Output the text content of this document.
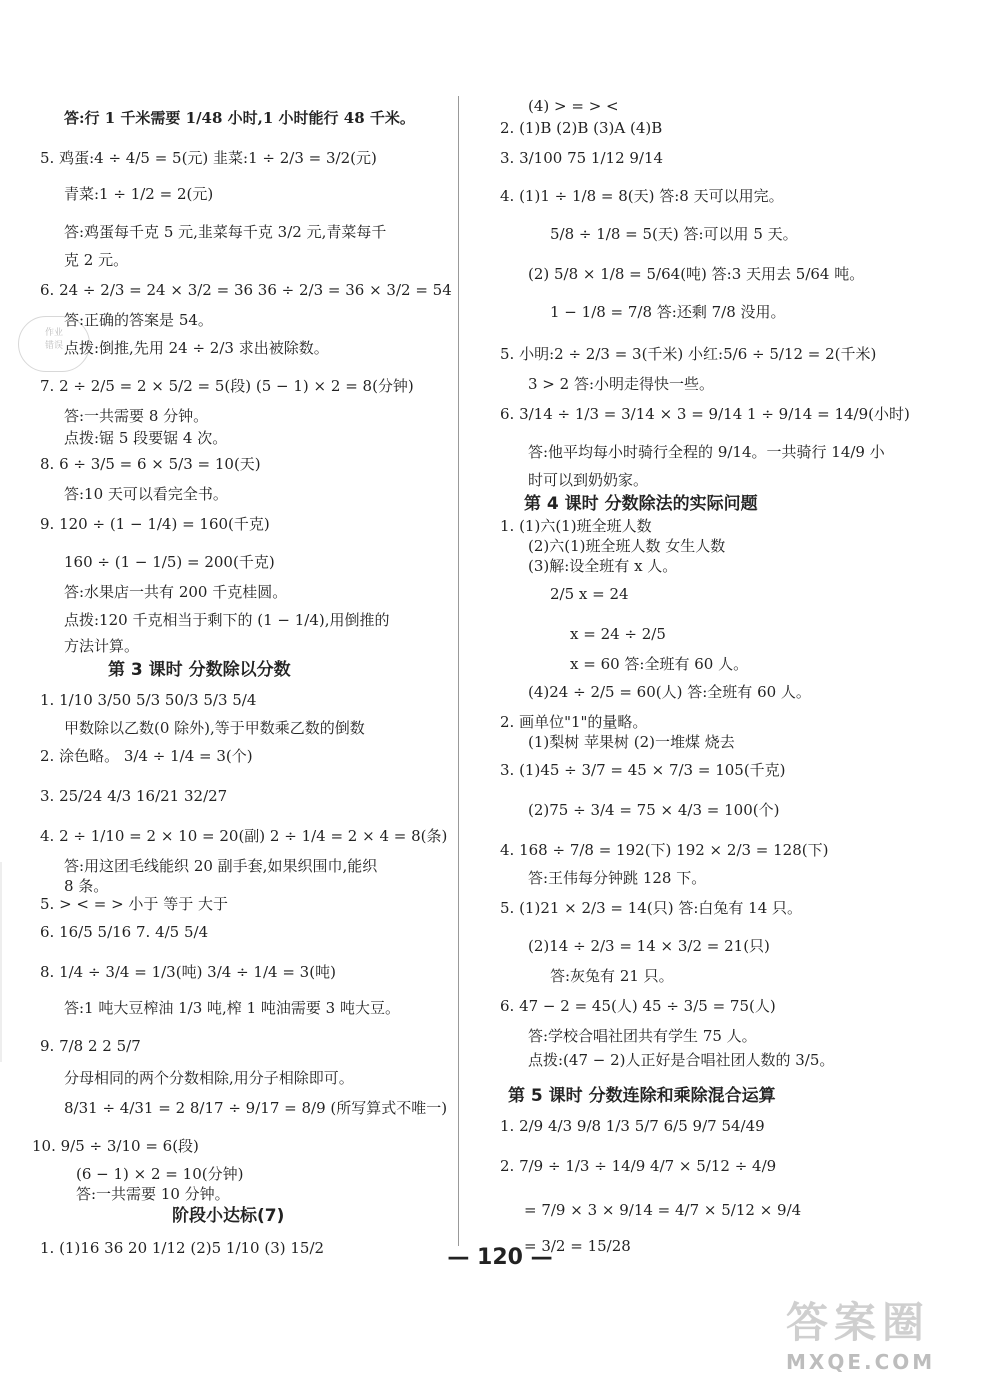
作业
错误
答:行 1 千米需要 1/48 小时,1 小时能行 48 千米。
5. 鸡蛋:4 ÷ 4/5 = 5(元) 韭菜:1 ÷ 2/3 = 3/2(元)
青菜:1 ÷ 1/2 = 2(元)
答:鸡蛋每千克 5 元,韭菜每千克 3/2 元,青菜每千
克 2 元。
6. 24 ÷ 2/3 = 24 × 3/2 = 36 36 ÷ 2/3 = 36 × 3/2 = 54
答:正确的答案是 54。
点拨:倒推,先用 24 ÷ 2/3 求出被除数。
7. 2 ÷ 2/5 = 2 × 5/2 = 5(段) (5 − 1) × 2 = 8(分钟)
答:一共需要 8 分钟。
点拨:锯 5 段要锯 4 次。
8. 6 ÷ 3/5 = 6 × 5/3 = 10(天)
答:10 天可以看完全书。
9. 120 ÷ (1 − 1/4) = 160(千克)
160 ÷ (1 − 1/5) = 200(千克)
答:水果店一共有 200 千克桂圆。
点拨:120 千克相当于剩下的 (1 − 1/4),用倒推的
方法计算。
第 3 课时 分数除以分数
1. 1/10 3/50 5/3 50/3 5/3 5/4
甲数除以乙数(0 除外),等于甲数乘乙数的倒数
2. 涂色略。 3/4 ÷ 1/4 = 3(个)
3. 25/24 4/3 16/21 32/27
4. 2 ÷ 1/10 = 2 × 10 = 20(副) 2 ÷ 1/4 = 2 × 4 = 8(条)
答:用这团毛线能织 20 副手套,如果织围巾,能织
8 条。
5. > < = > 小于 等于 大于
6. 16/5 5/16 7. 4/5 5/4
8. 1/4 ÷ 3/4 = 1/3(吨) 3/4 ÷ 1/4 = 3(吨)
答:1 吨大豆榨油 1/3 吨,榨 1 吨油需要 3 吨大豆。
9. 7/8 2 2 5/7
分母相同的两个分数相除,用分子相除即可。
8/31 ÷ 4/31 = 2 8/17 ÷ 9/17 = 8/9 (所写算式不唯一)
10. 9/5 ÷ 3/10 = 6(段)
(6 − 1) × 2 = 10(分钟)
答:一共需要 10 分钟。
阶段小达标(7)
1. (1)16 36 20 1/12 (2)5 1/10 (3) 15/2
(4) > = > <
2. (1)B (2)B (3)A (4)B
3. 3/100 75 1/12 9/14
4. (1)1 ÷ 1/8 = 8(天) 答:8 天可以用完。
5/8 ÷ 1/8 = 5(天) 答:可以用 5 天。
(2) 5/8 × 1/8 = 5/64(吨) 答:3 天用去 5/64 吨。
1 − 1/8 = 7/8 答:还剩 7/8 没用。
5. 小明:2 ÷ 2/3 = 3(千米) 小红:5/6 ÷ 5/12 = 2(千米)
3 > 2 答:小明走得快一些。
6. 3/14 ÷ 1/3 = 3/14 × 3 = 9/14 1 ÷ 9/14 = 14/9(小时)
答:他平均每小时骑行全程的 9/14。一共骑行 14/9 小
时可以到奶奶家。
第 4 课时 分数除法的实际问题
1. (1)六(1)班全班人数
(2)六(1)班全班人数 女生人数
(3)解:设全班有 x 人。
2/5 x = 24
x = 24 ÷ 2/5
x = 60 答:全班有 60 人。
(4)24 ÷ 2/5 = 60(人) 答:全班有 60 人。
2. 画单位"1"的量略。
(1)梨树 苹果树 (2)一堆煤 烧去
3. (1)45 ÷ 3/7 = 45 × 7/3 = 105(千克)
(2)75 ÷ 3/4 = 75 × 4/3 = 100(个)
4. 168 ÷ 7/8 = 192(下) 192 × 2/3 = 128(下)
答:王伟每分钟跳 128 下。
5. (1)21 × 2/3 = 14(只) 答:白兔有 14 只。
(2)14 ÷ 2/3 = 14 × 3/2 = 21(只)
答:灰兔有 21 只。
6. 47 − 2 = 45(人) 45 ÷ 3/5 = 75(人)
答:学校合唱社团共有学生 75 人。
点拨:(47 − 2)人正好是合唱社团人数的 3/5。
第 5 课时 分数连除和乘除混合运算
1. 2/9 4/3 9/8 1/3 5/7 6/5 9/7 54/49
2. 7/9 ÷ 1/3 ÷ 14/9 4/7 × 5/12 ÷ 4/9
= 7/9 × 3 × 9/14 = 4/7 × 5/12 × 9/4
= 3/2 = 15/28
— 120 —
答案圈
MXQE.COM
